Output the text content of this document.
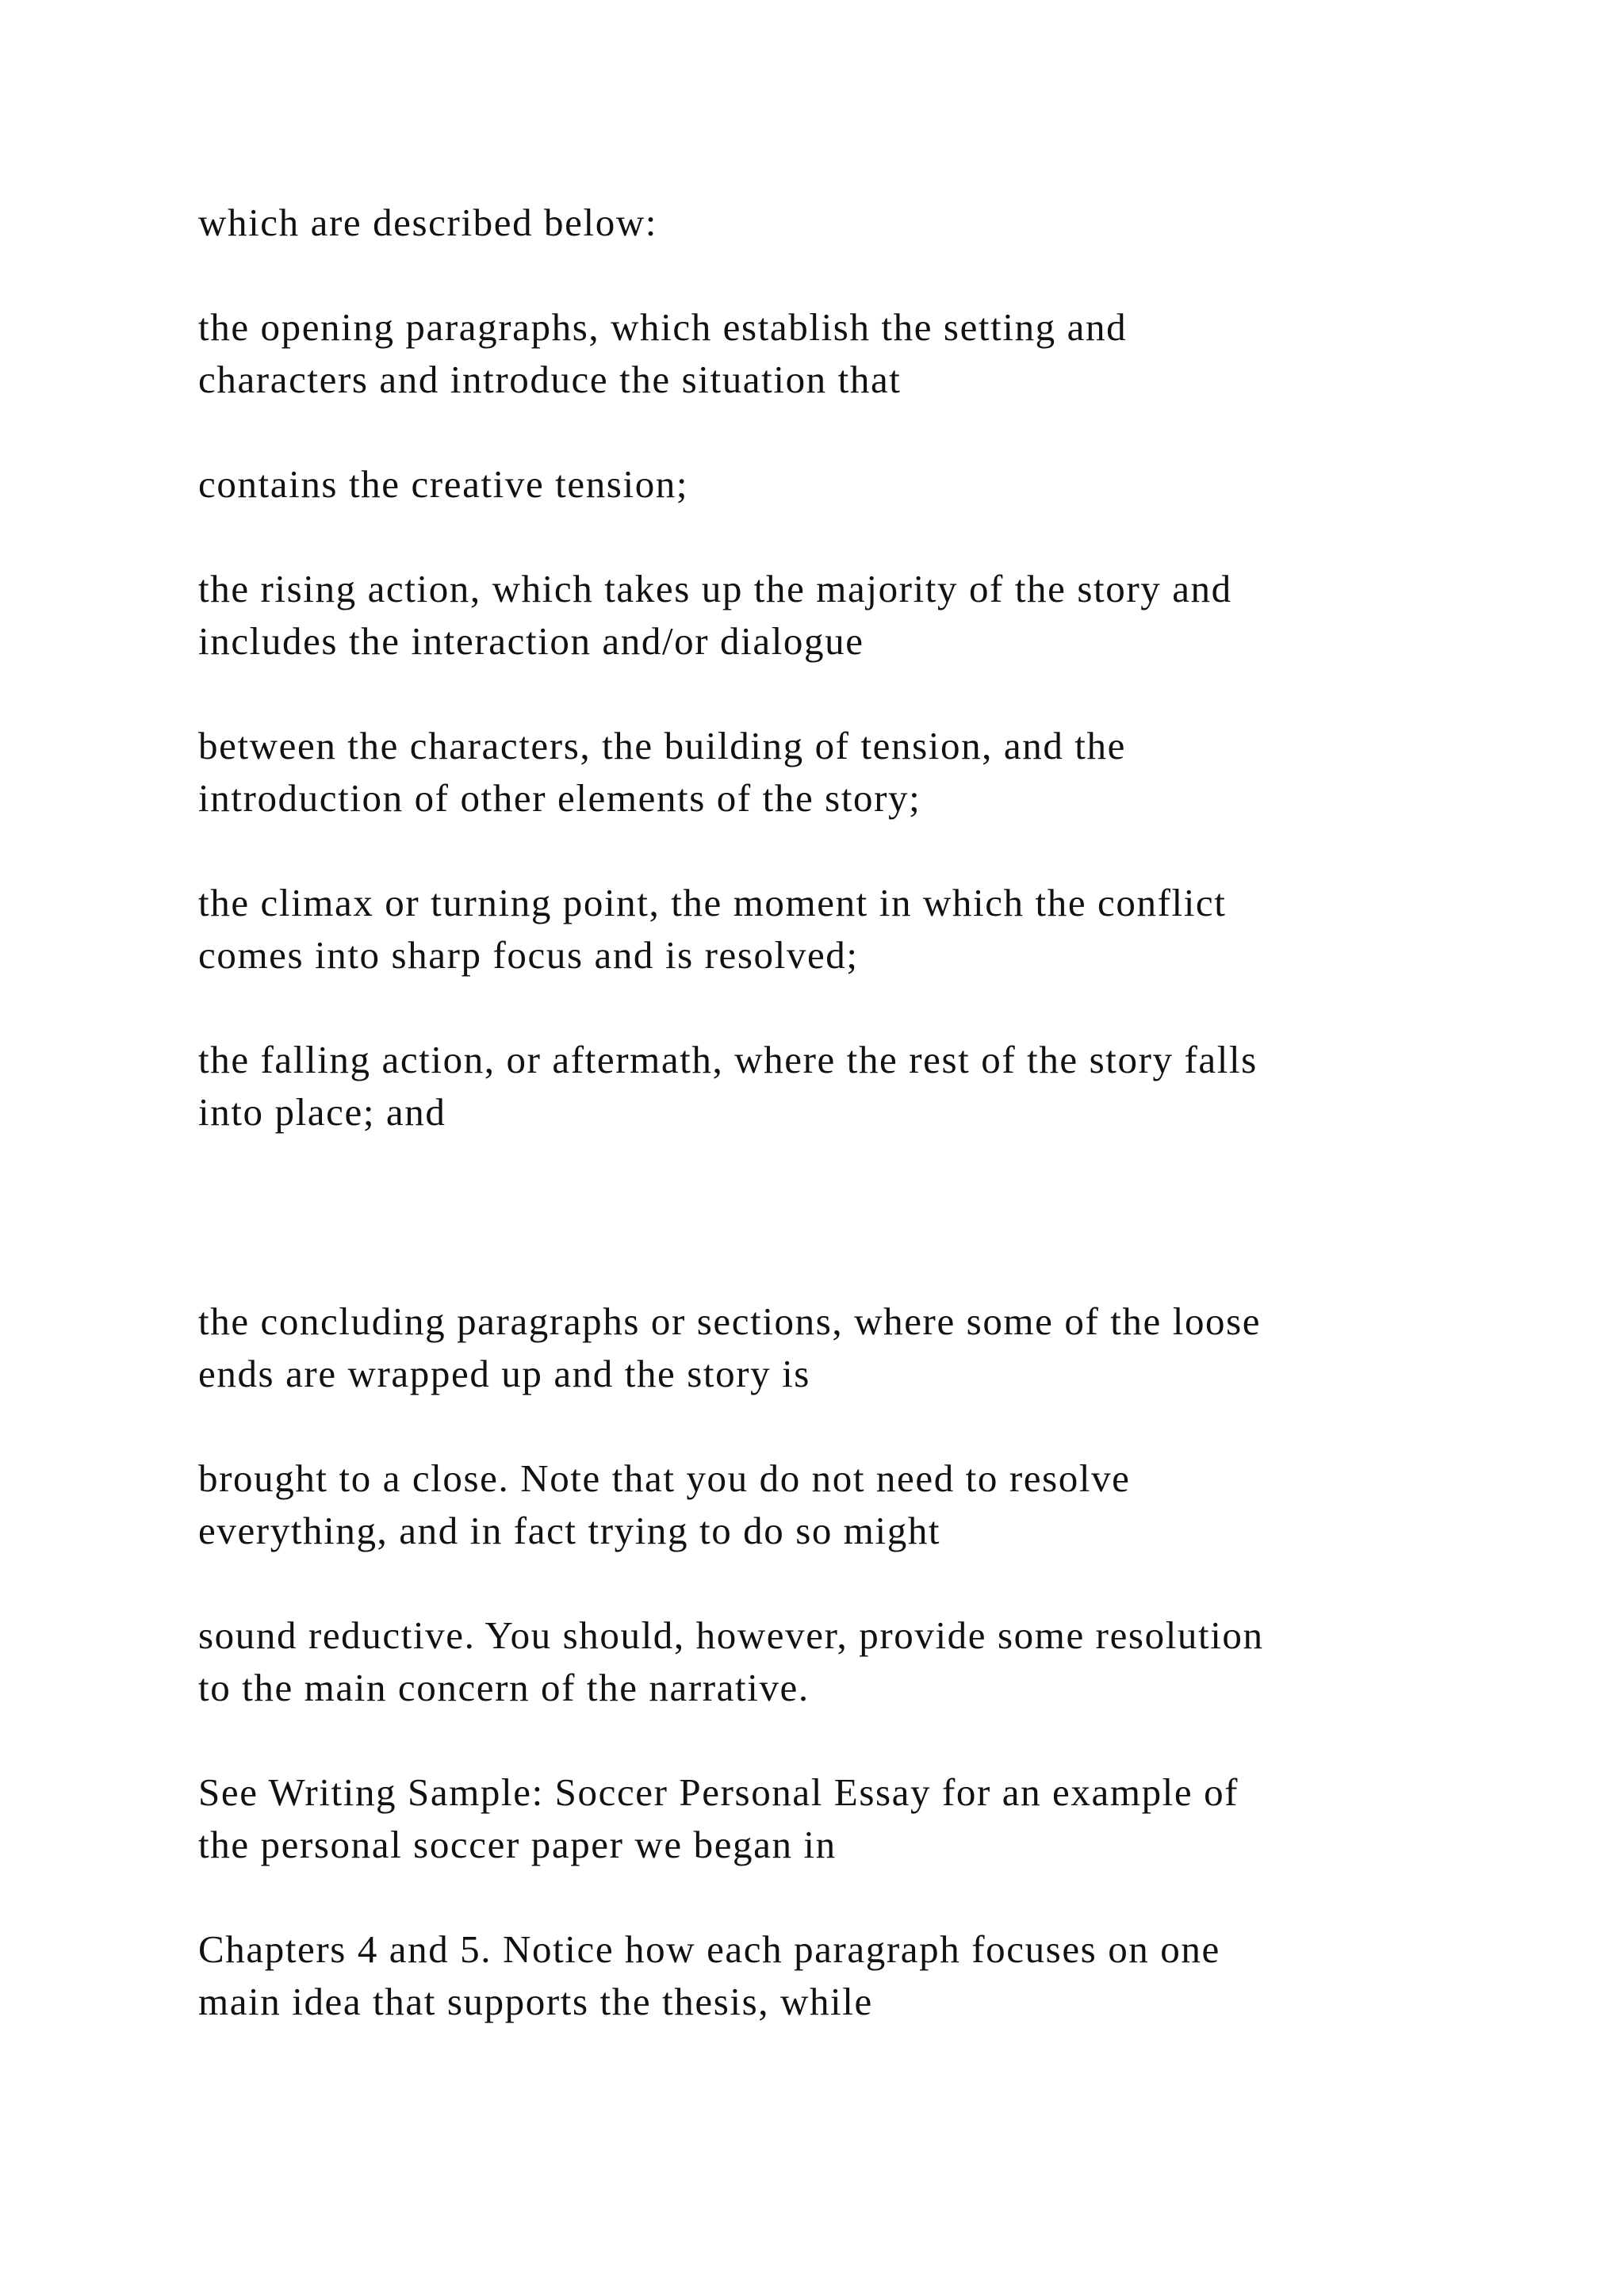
which are described below:

the opening paragraphs, which establish the setting and
characters and introduce the situation that

contains the creative tension;

the rising action, which takes up the majority of the story and
includes the interaction and/or dialogue

between the characters, the building of tension, and the
introduction of other elements of the story;

the climax or turning point, the moment in which the conflict
comes into sharp focus and is resolved;

the falling action, or aftermath, where the rest of the story falls
into place; and

the concluding paragraphs or sections, where some of the loose
ends are wrapped up and the story is

brought to a close. Note that you do not need to resolve
everything, and in fact trying to do so might

sound reductive. You should, however, provide some resolution
to the main concern of the narrative.

See Writing Sample: Soccer Personal Essay for an example of
the personal soccer paper we began in

Chapters 4 and 5. Notice how each paragraph focuses on one
main idea that supports the thesis, while
